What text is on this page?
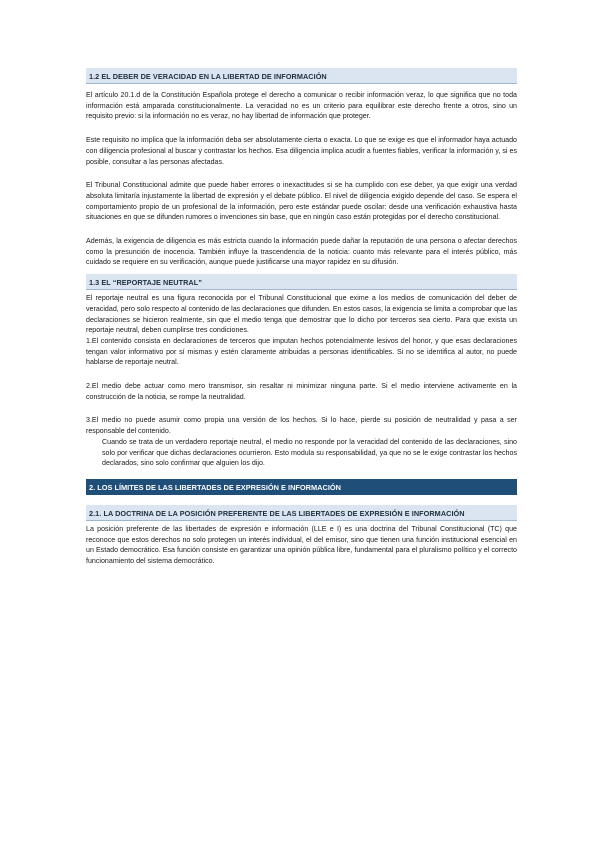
1.2 EL DEBER DE VERACIDAD EN LA LIBERTAD DE INFORMACIÓN

El artículo 20.1.d de la Constitución Española protege el derecho a comunicar o recibir información veraz, lo que significa que no toda información está amparada constitucionalmente. La veracidad no es un criterio para equilibrar este derecho frente a otros, sino un requisito previo: si la información no es veraz, no hay libertad de información que proteger.

Este requisito no implica que la información deba ser absolutamente cierta o exacta. Lo que se exige es que el informador haya actuado con diligencia profesional al buscar y contrastar los hechos. Esa diligencia implica acudir a fuentes fiables, verificar la información y, si es posible, consultar a las personas afectadas.

El Tribunal Constitucional admite que puede haber errores o inexactitudes si se ha cumplido con ese deber, ya que exigir una verdad absoluta limitaría injustamente la libertad de expresión y el debate público. El nivel de diligencia exigido depende del caso. Se espera el comportamiento propio de un profesional de la información, pero este estándar puede oscilar: desde una verificación exhaustiva hasta situaciones en que se difunden rumores o invenciones sin base, que en ningún caso están protegidas por el derecho constitucional.

Además, la exigencia de diligencia es más estricta cuando la información puede dañar la reputación de una persona o afectar derechos como la presunción de inocencia. También influye la trascendencia de la noticia: cuanto más relevante para el interés público, más cuidado se requiere en su verificación, aunque puede justificarse una mayor rapidez en su difusión.

1.3 EL “REPORTAJE NEUTRAL”

El reportaje neutral es una figura reconocida por el Tribunal Constitucional que exime a los medios de comunicación del deber de veracidad, pero solo respecto al contenido de las declaraciones que difunden. En estos casos, la exigencia se limita a comprobar que las declaraciones se hicieron realmente, sin que el medio tenga que demostrar que lo dicho por terceros sea cierto. Para que exista un reportaje neutral, deben cumplirse tres condiciones.

1.El contenido consista en declaraciones de terceros que imputan hechos potencialmente lesivos del honor, y que esas declaraciones tengan valor informativo por sí mismas y estén claramente atribuidas a personas identificables. Si no se identifica al autor, no puede hablarse de reportaje neutral.

2.El medio debe actuar como mero transmisor, sin resaltar ni minimizar ninguna parte. Si el medio interviene activamente en la construcción de la noticia, se rompe la neutralidad.

3.El medio no puede asumir como propia una versión de los hechos. Si lo hace, pierde su posición de neutralidad y pasa a ser responsable del contenido.

Cuando se trata de un verdadero reportaje neutral, el medio no responde por la veracidad del contenido de las declaraciones, sino solo por verificar que dichas declaraciones ocurrieron. Esto modula su responsabilidad, ya que no se le exige contrastar los hechos declarados, sino solo confirmar que alguien los dijo.

2. LOS LÍMITES DE LAS LIBERTADES DE EXPRESIÓN E INFORMACIÓN
2.1. LA DOCTRINA DE LA POSICIÓN PREFERENTE DE LAS LIBERTADES DE EXPRESIÓN E INFORMACIÓN

La posición preferente de las libertades de expresión e información (LLE e I) es una doctrina del Tribunal Constitucional (TC) que reconoce que estos derechos no solo protegen un interés individual, el del emisor, sino que tienen una función institucional esencial en un Estado democrático. Esa función consiste en garantizar una opinión pública libre, fundamental para el pluralismo político y el correcto funcionamiento del sistema democrático.
